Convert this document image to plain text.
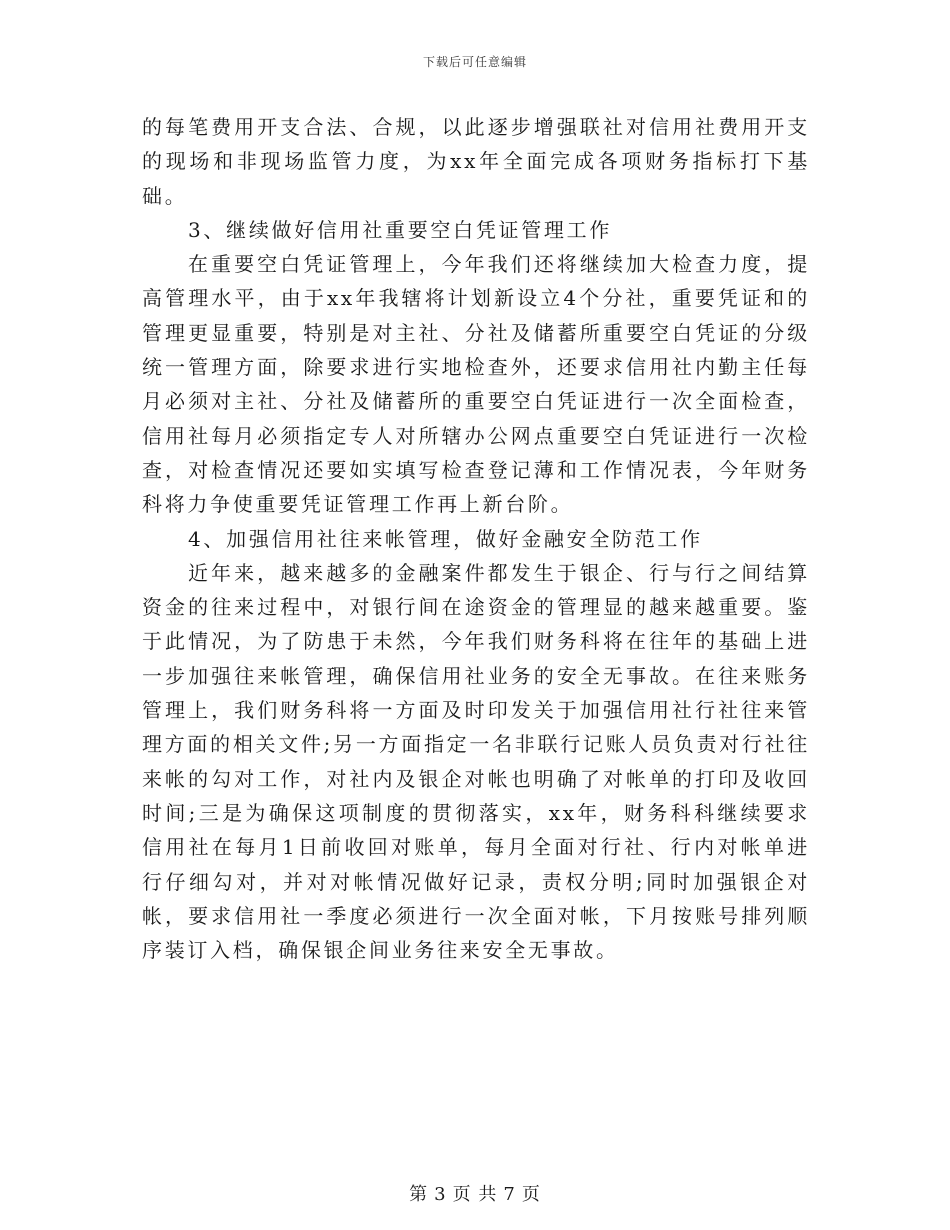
下载后可任意编辑

的每笔费用开支合法、合规，以此逐步增强联社对信用社费用开支的现场和非现场监管力度，为xx年全面完成各项财务指标打下基础。

3、继续做好信用社重要空白凭证管理工作

在重要空白凭证管理上，今年我们还将继续加大检查力度，提高管理水平，由于xx年我辖将计划新设立4个分社，重要凭证和的管理更显重要，特别是对主社、分社及储蓄所重要空白凭证的分级统一管理方面，除要求进行实地检查外，还要求信用社内勤主任每月必须对主社、分社及储蓄所的重要空白凭证进行一次全面检查，信用社每月必须指定专人对所辖办公网点重要空白凭证进行一次检查，对检查情况还要如实填写检查登记薄和工作情况表，今年财务科将力争使重要凭证管理工作再上新台阶。

4、加强信用社往来帐管理，做好金融安全防范工作

近年来，越来越多的金融案件都发生于银企、行与行之间结算资金的往来过程中，对银行间在途资金的管理显的越来越重要。鉴于此情况，为了防患于未然，今年我们财务科将在往年的基础上进一步加强往来帐管理，确保信用社业务的安全无事故。在往来账务管理上，我们财务科将一方面及时印发关于加强信用社行社往来管理方面的相关文件;另一方面指定一名非联行记账人员负责对行社往来帐的勾对工作，对社内及银企对帐也明确了对帐单的打印及收回时间;三是为确保这项制度的贯彻落实，xx年，财务科科继续要求信用社在每月1日前收回对账单，每月全面对行社、行内对帐单进行仔细勾对，并对对帐情况做好记录，责权分明;同时加强银企对帐，要求信用社一季度必须进行一次全面对帐，下月按账号排列顺序装订入档，确保银企间业务往来安全无事故。

第 3 页 共 7 页
